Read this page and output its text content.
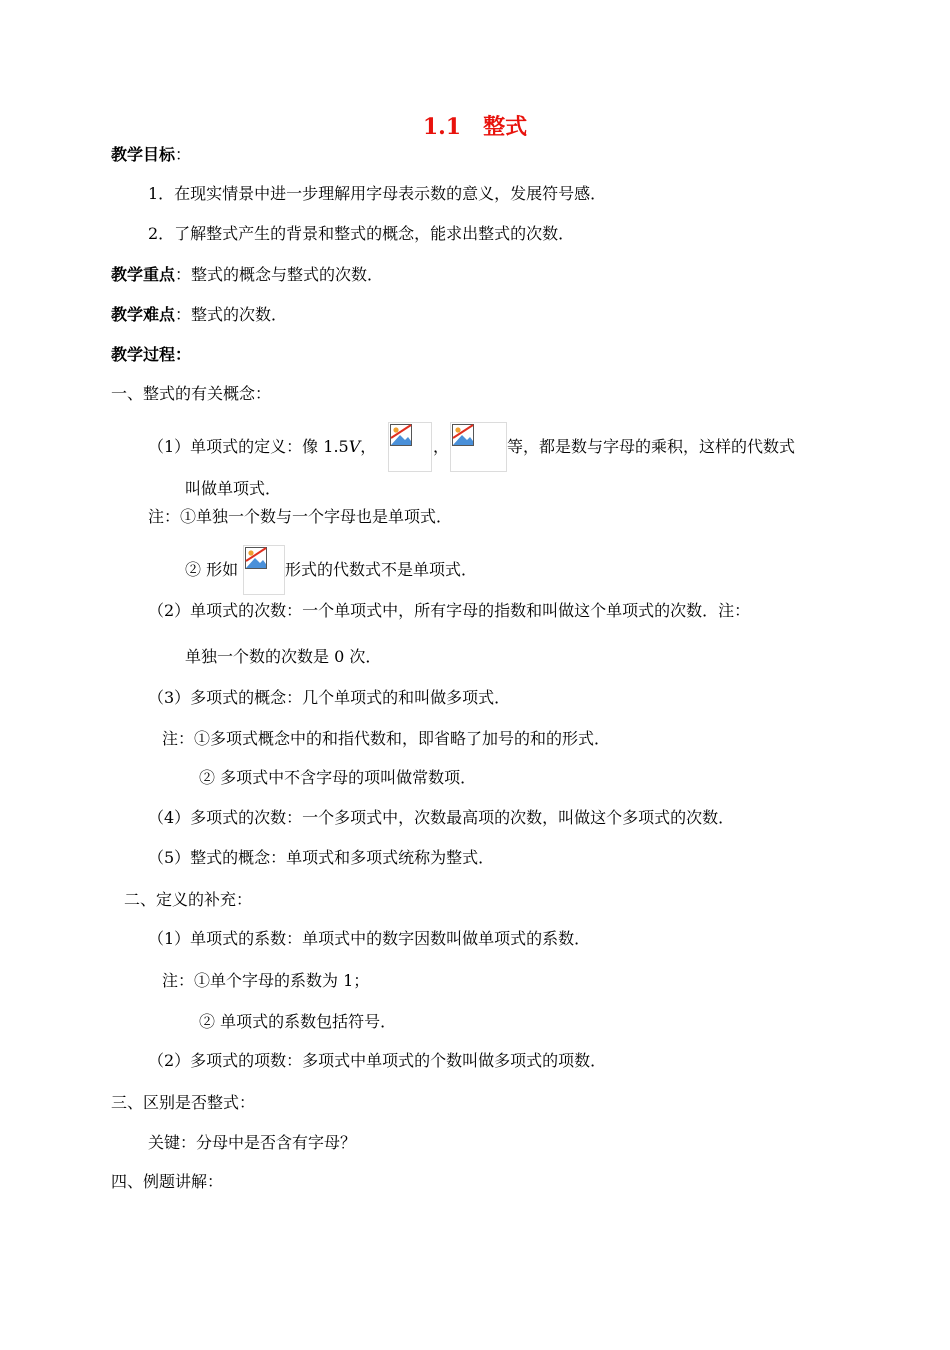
1.1 整式
教学目标：
1．在现实情景中进一步理解用字母表示数的意义，发展符号感．
2．了解整式产生的背景和整式的概念，能求出整式的次数．
教学重点：整式的概念与整式的次数．
教学难点：整式的次数．
教学过程：
一、整式的有关概念：
（1）单项式的定义：像 1.5V，	，	等，都是数与字母的乘积，这样的代数式
叫做单项式．
注：①单独一个数与一个字母也是单项式．
② 形如	形式的代数式不是单项式．
（2）单项式的次数：一个单项式中，所有字母的指数和叫做这个单项式的次数．注：
单独一个数的次数是 0 次．
（3）多项式的概念：几个单项式的和叫做多项式．
注：①多项式概念中的和指代数和，即省略了加号的和的形式．
② 多项式中不含字母的项叫做常数项．
（4）多项式的次数：一个多项式中，次数最高项的次数，叫做这个多项式的次数．
（5）整式的概念：单项式和多项式统称为整式．
二、定义的补充：
（1）单项式的系数：单项式中的数字因数叫做单项式的系数．
注：①单个字母的系数为 1；
② 单项式的系数包括符号．
（2）多项式的项数：多项式中单项式的个数叫做多项式的项数．
三、区别是否整式：
关键：分母中是否含有字母？
四、例题讲解：
